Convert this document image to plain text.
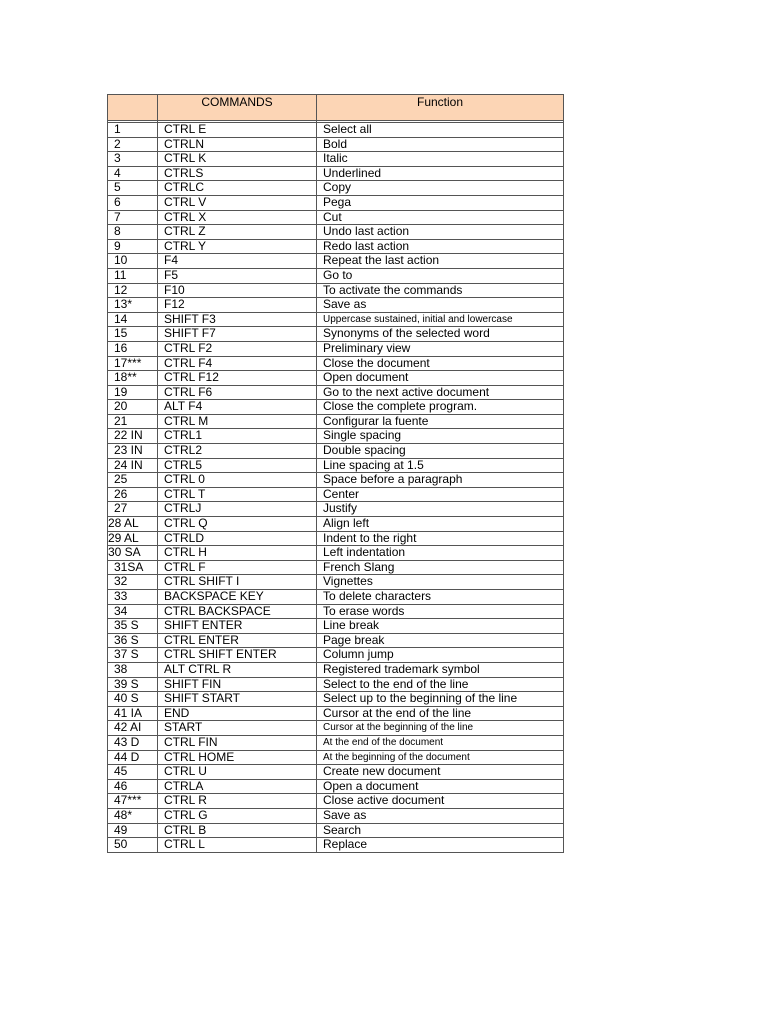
	COMMANDS	Function

1	CTRL E	Select all
2	CTRLN	Bold
3	CTRL K	Italic
4	CTRLS	Underlined
5	CTRLC	Copy
6	CTRL V	Pega
7	CTRL X	Cut
8	CTRL Z	Undo last action
9	CTRL Y	Redo last action
10	F4	Repeat the last action
11	F5	Go to
12	F10	To activate the commands
13*	F12	Save as
14	SHIFT F3	Uppercase sustained, initial and lowercase
15	SHIFT F7	Synonyms of the selected word
16	CTRL F2	Preliminary view
17***	CTRL F4	Close the document
18**	CTRL F12	Open document
19	CTRL F6	Go to the next active document
20	ALT F4	Close the complete program.
21	CTRL M	Configurar la fuente
22 IN	CTRL1	Single spacing
23 IN	CTRL2	Double spacing
24 IN	CTRL5	Line spacing at 1.5
25	CTRL 0	Space before a paragraph
26	CTRL T	Center
27	CTRLJ	Justify

28 AL	CTRL Q	Align left

29 AL	CTRLD	Indent to the right

30 SA	CTRL H	Left indentation
31SA	CTRL F	French Slang
32	CTRL SHIFT I	Vignettes
33	BACKSPACE KEY	To delete characters
34	CTRL BACKSPACE	To erase words
35 S	SHIFT ENTER	Line break
36 S	CTRL ENTER	Page break
37 S	CTRL SHIFT ENTER	Column jump
38	ALT CTRL R	Registered trademark symbol
39 S	SHIFT FIN	Select to the end of the line
40 S	SHIFT START	Select up to the beginning of the line
41 IA	END	Cursor at the end of the line
42 AI	START	Cursor at the beginning of the line
43 D	CTRL FIN	At the end of the document
44 D	CTRL HOME	At the beginning of the document
45	CTRL U	Create new document
46	CTRLA	Open a document
47***	CTRL R	Close active document
48*	CTRL G	Save as
49	CTRL B	Search
50	CTRL L	Replace
